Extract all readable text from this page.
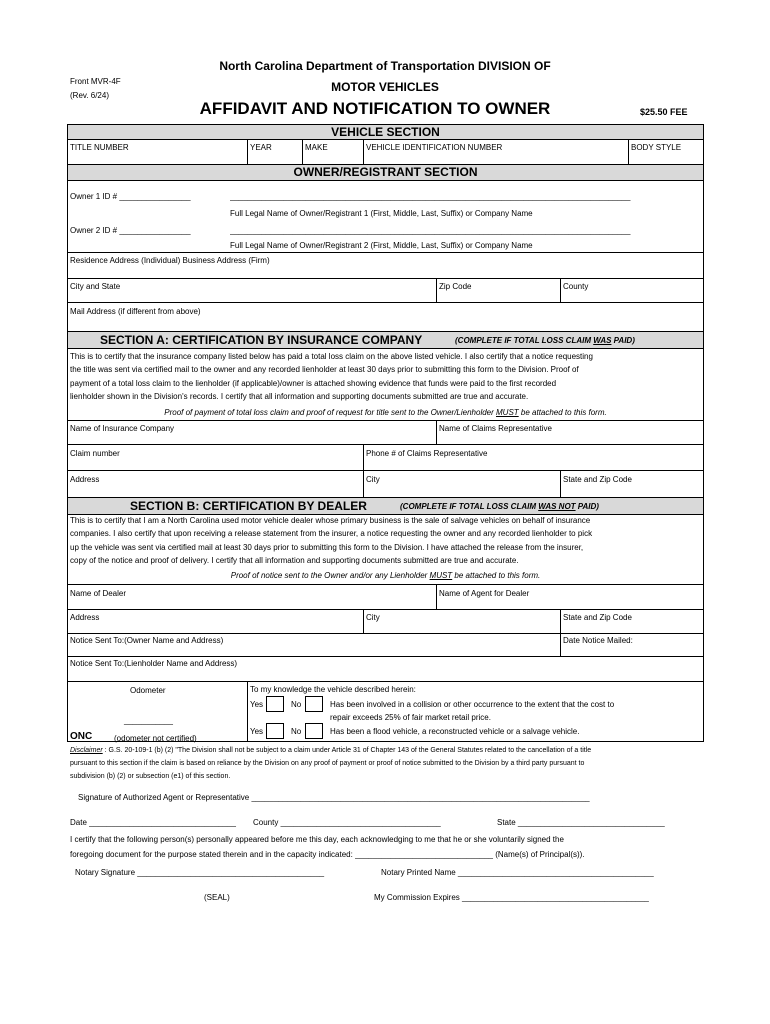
Front MVR-4F
(Rev. 6/24)
North Carolina Department of Transportation DIVISION OF
MOTOR VEHICLES
AFFIDAVIT AND NOTIFICATION TO OWNER	$25.50 FEE
VEHICLE SECTION
TITLE NUMBER	YEAR	MAKE	VEHICLE IDENTIFICATION NUMBER	BODY STYLE
OWNER/REGISTRANT SECTION
Owner 1 ID # ________________	__________________________________________________________________________________________
Full Legal Name of Owner/Registrant 1 (First, Middle, Last, Suffix) or Company Name
Owner 2 ID # ________________	__________________________________________________________________________________________
Full Legal Name of Owner/Registrant 2 (First, Middle, Last, Suffix) or Company Name
Residence Address (Individual) Business Address (Firm)
City and State	Zip Code	County
Mail Address (if different from above)
SECTION A: CERTIFICATION BY INSURANCE COMPANY	(COMPLETE IF TOTAL LOSS CLAIM WAS PAID)
This is to certify that the insurance company listed below has paid a total loss claim on the above listed vehicle. I also certify that a notice requesting
the title was sent via certified mail to the owner and any recorded lienholder at least 30 days prior to submitting this form to the Division. Proof of
payment of a total loss claim to the lienholder (if applicable)/owner is attached showing evidence that funds were paid to the first recorded
lienholder shown in the Division's records. I certify that all information and supporting documents submitted are true and accurate.
Proof of payment of total loss claim and proof of request for title sent to the Owner/Lienholder MUST be attached to this form.
Name of Insurance Company	Name of Claims Representative
Claim number	Phone # of Claims Representative
Address	City	State and Zip Code
SECTION B: CERTIFICATION BY DEALER	(COMPLETE IF TOTAL LOSS CLAIM WAS NOT PAID)
This is to certify that I am a North Carolina used motor vehicle dealer whose primary business is the sale of salvage vehicles on behalf of insurance
companies. I also certify that upon receiving a release statement from the insurer, a notice requesting the owner and any recorded lienholder to pick
up the vehicle was sent via certified mail at least 30 days prior to submitting this form to the Division. I have attached the release from the insurer,
copy of the notice and proof of delivery. I certify that all information and supporting documents submitted are true and accurate.
Proof of notice sent to the Owner and/or any Lienholder MUST be attached to this form.
Name of Dealer	Name of Agent for Dealer
Address	City	State and Zip Code
Notice Sent To:(Owner Name and Address)	Date Notice Mailed:
Notice Sent To:(Lienholder Name and Address)
Odometer
___________
ONC	(odometer not certified)
To my knowledge the vehicle described herein:
Yes	No	Has been involved in a collision or other occurrence to the extent that the cost to
repair exceeds 25% of fair market retail price.
Yes	No	Has been a flood vehicle, a reconstructed vehicle or a salvage vehicle.
Disclaimer : G.S. 20-109-1 (b) (2) "The Division shall not be subject to a claim under Article 31 of Chapter 143 of the General Statutes related to the cancellation of a title
pursuant to this section if the claim is based on reliance by the Division on any proof of payment or proof of notice submitted to the Division by a third party pursuant to
subdivision (b) (2) or subsection (e1) of this section.
Signature of Authorized Agent or Representative ____________________________________________________________________________
Date _________________________________ County ____________________________________	State _________________________________
I certify that the following person(s) personally appeared before me this day, each acknowledging to me that he or she voluntarily signed the
foregoing document for the purpose stated therein and in the capacity indicated: _______________________________ (Name(s) of Principal(s)).
Notary Signature __________________________________________	Notary Printed Name ____________________________________________
(SEAL)	My Commission Expires __________________________________________
